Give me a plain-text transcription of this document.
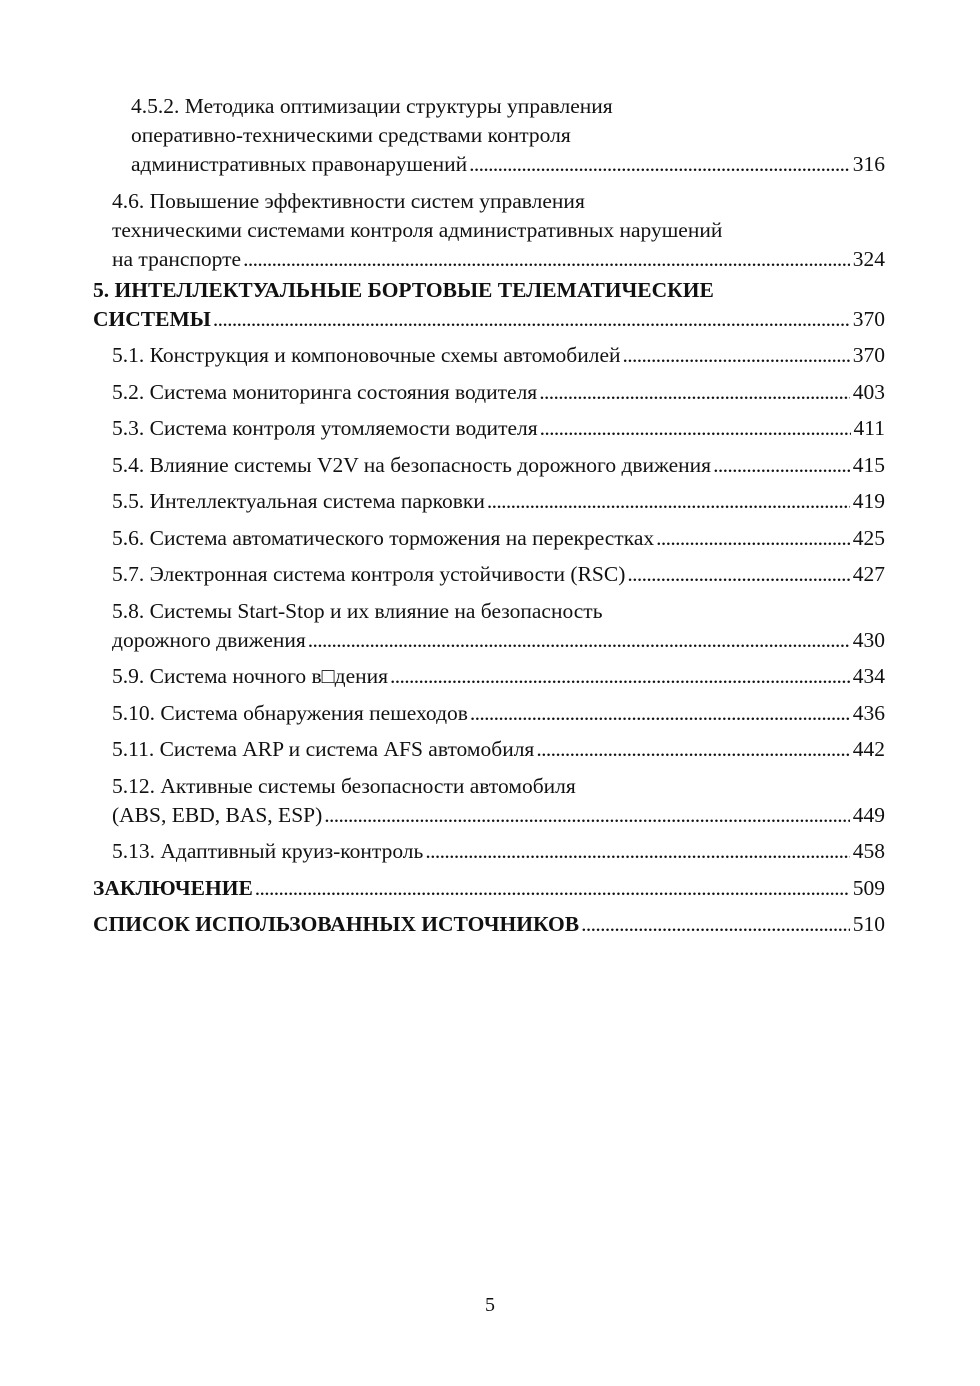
4.5.2. Методика оптимизации структуры управления
оперативно-техническими средствами контроля
административных правонарушений . . .	316
4.6. Повышение эффективности систем управления
техническими системами контроля административных нарушений
на транспорте . . .	324
5. ИНТЕЛЛЕКТУАЛЬНЫЕ БОРТОВЫЕ ТЕЛЕМАТИЧЕСКИЕ
СИСТЕМЫ . . .	370
5.1. Конструкция и компоновочные схемы автомобилей . . .	370
5.2. Система мониторинга состояния водителя . . .	403
5.3. Система контроля утомляемости водителя . . .	411
5.4. Влияние системы V2V на безопасность дорожного движения . . .	415
5.5. Интеллектуальная система парковки . . .	419
5.6. Система автоматического торможения на перекрестках . . .	425
5.7. Электронная система контроля устойчивости (RSC) . . .	427
5.8. Системы Start-Stop и их влияние на безопасность
дорожного движения . . .	430
5.9. Система ночного в□дения . . .	434
5.10. Система обнаружения пешеходов . . .	436
5.11. Система ARP и система AFS автомобиля . . .	442
5.12. Активные системы безопасности автомобиля
(ABS, EBD, BAS, ESP) . . .	449
5.13. Адаптивный круиз-контроль . . .	458
ЗАКЛЮЧЕНИЕ . . .	509
СПИСОК ИСПОЛЬЗОВАННЫХ ИСТОЧНИКОВ . . .	510
5
